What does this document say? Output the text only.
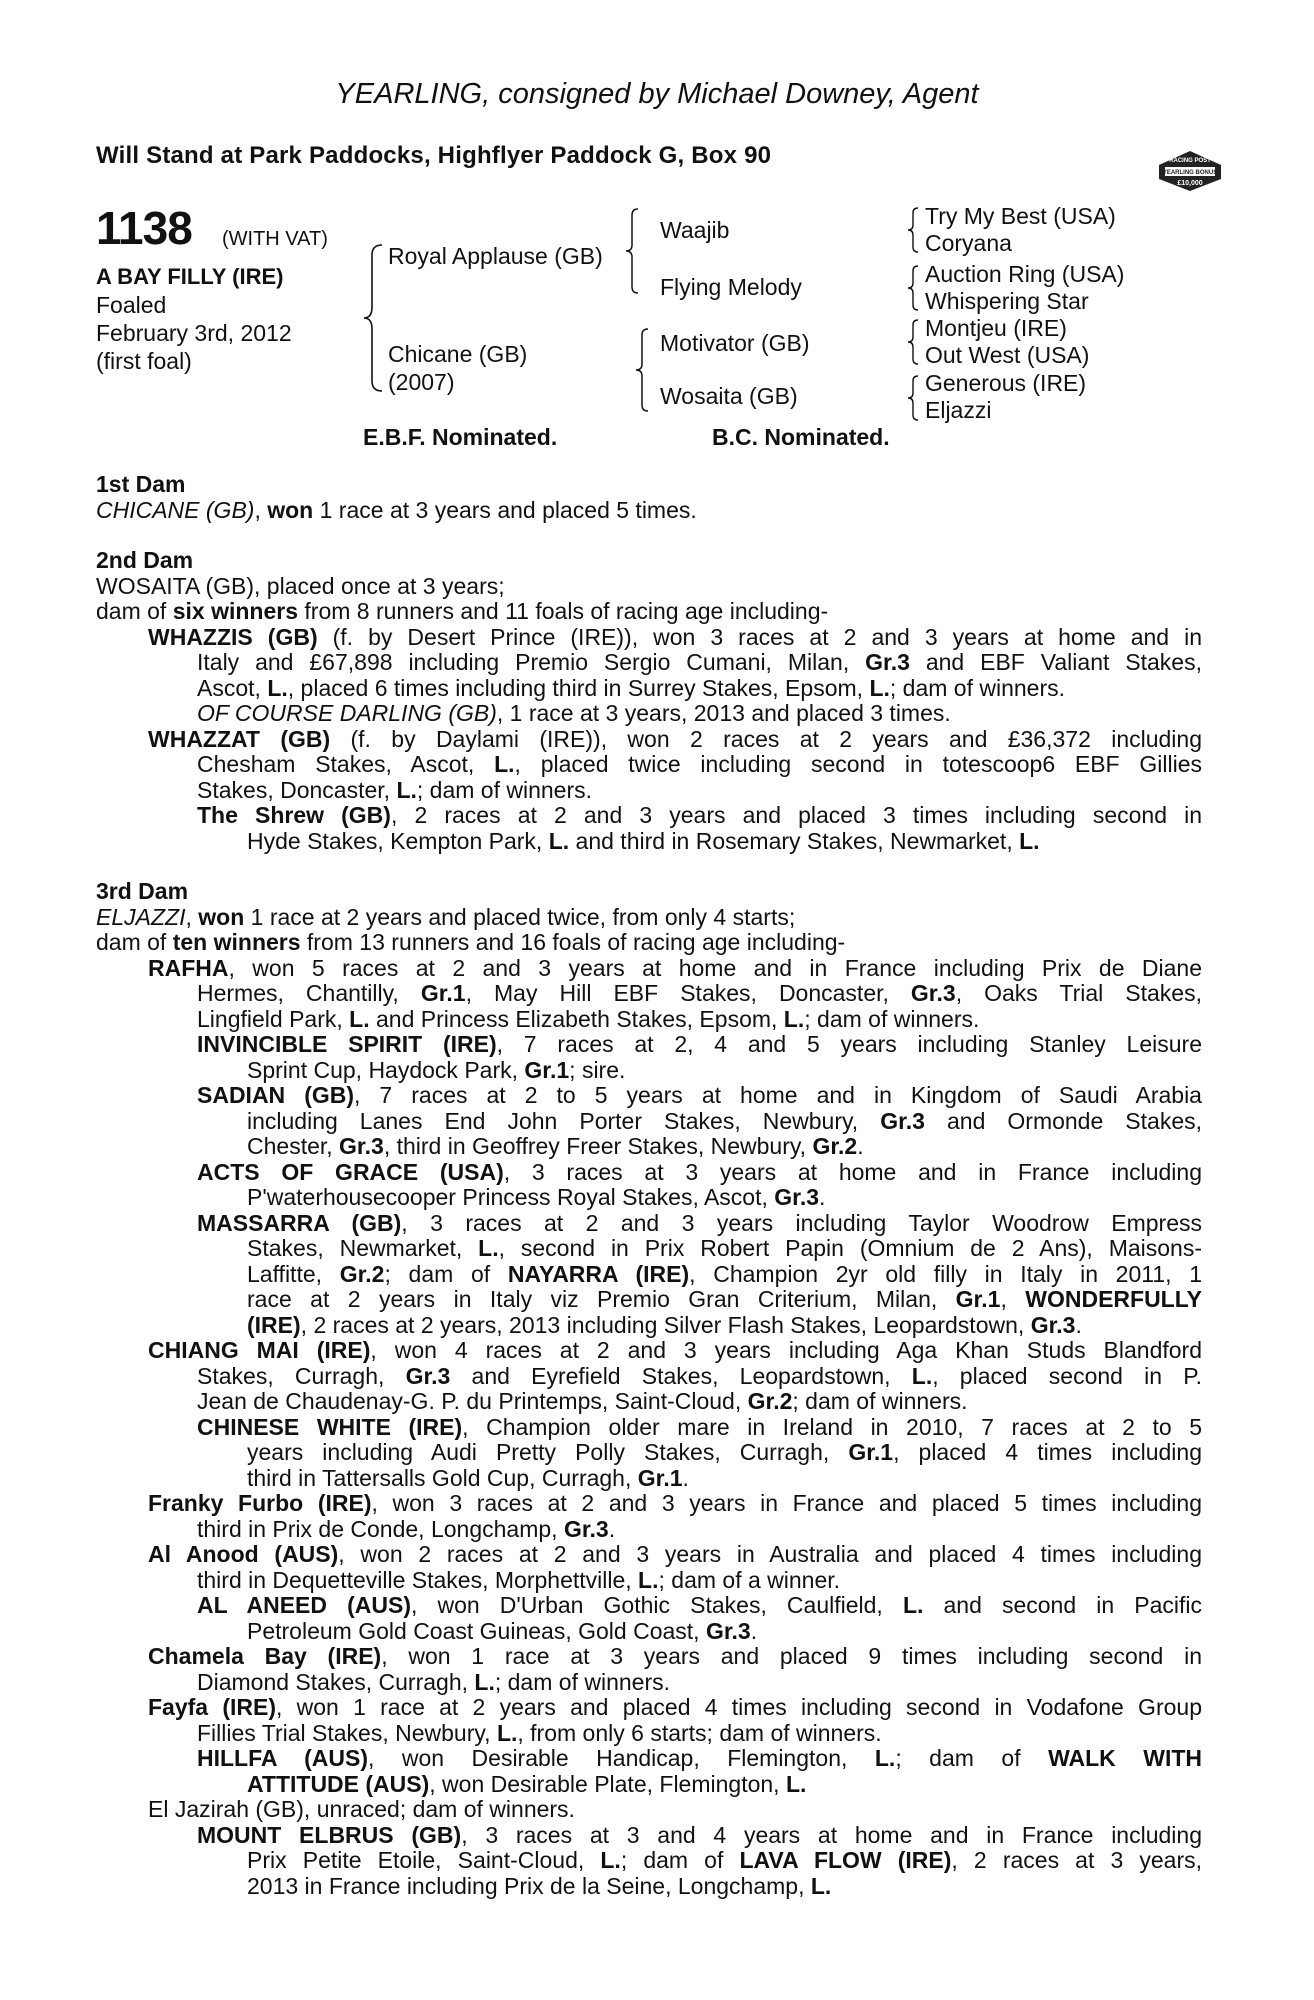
YEARLING, consigned by Michael Downey, Agent
Will Stand at Park Paddocks, Highflyer Paddock G, Box 90	RACING POST
YEARLING BONUS
£10,000
1138 (WITH VAT)
A BAY FILLY (IRE)
Foaled
February 3rd, 2012
(first foal)
Royal Applause (GB)
Chicane (GB)
(2007)
Waajib
Flying Melody
Motivator (GB)
Wosaita (GB)
Try My Best (USA)
Coryana
Auction Ring (USA)
Whispering Star
Montjeu (IRE)
Out West (USA)
Generous (IRE)
Eljazzi
E.B.F. Nominated.	B.C. Nominated.
1st Dam
CHICANE (GB), won 1 race at 3 years and placed 5 times.
2nd Dam
WOSAITA (GB), placed once at 3 years;
dam of six winners from 8 runners and 11 foals of racing age including-
WHAZZIS (GB) (f. by Desert Prince (IRE)), won 3 races at 2 and 3 years at home and in
Italy and £67,898 including Premio Sergio Cumani, Milan, Gr.3 and EBF Valiant Stakes,
Ascot, L., placed 6 times including third in Surrey Stakes, Epsom, L.; dam of winners.
OF COURSE DARLING (GB), 1 race at 3 years, 2013 and placed 3 times.
WHAZZAT (GB) (f. by Daylami (IRE)), won 2 races at 2 years and £36,372 including
Chesham Stakes, Ascot, L., placed twice including second in totescoop6 EBF Gillies
Stakes, Doncaster, L.; dam of winners.
The Shrew (GB), 2 races at 2 and 3 years and placed 3 times including second in
Hyde Stakes, Kempton Park, L. and third in Rosemary Stakes, Newmarket, L.
3rd Dam
ELJAZZI, won 1 race at 2 years and placed twice, from only 4 starts;
dam of ten winners from 13 runners and 16 foals of racing age including-
RAFHA, won 5 races at 2 and 3 years at home and in France including Prix de Diane
Hermes, Chantilly, Gr.1, May Hill EBF Stakes, Doncaster, Gr.3, Oaks Trial Stakes,
Lingfield Park, L. and Princess Elizabeth Stakes, Epsom, L.; dam of winners.
INVINCIBLE SPIRIT (IRE), 7 races at 2, 4 and 5 years including Stanley Leisure
Sprint Cup, Haydock Park, Gr.1; sire.
SADIAN (GB), 7 races at 2 to 5 years at home and in Kingdom of Saudi Arabia
including Lanes End John Porter Stakes, Newbury, Gr.3 and Ormonde Stakes,
Chester, Gr.3, third in Geoffrey Freer Stakes, Newbury, Gr.2.
ACTS OF GRACE (USA), 3 races at 3 years at home and in France including
P'waterhousecooper Princess Royal Stakes, Ascot, Gr.3.
MASSARRA (GB), 3 races at 2 and 3 years including Taylor Woodrow Empress
Stakes, Newmarket, L., second in Prix Robert Papin (Omnium de 2 Ans), Maisons-
Laffitte, Gr.2; dam of NAYARRA (IRE), Champion 2yr old filly in Italy in 2011, 1
race at 2 years in Italy viz Premio Gran Criterium, Milan, Gr.1, WONDERFULLY
(IRE), 2 races at 2 years, 2013 including Silver Flash Stakes, Leopardstown, Gr.3.
CHIANG MAI (IRE), won 4 races at 2 and 3 years including Aga Khan Studs Blandford
Stakes, Curragh, Gr.3 and Eyrefield Stakes, Leopardstown, L., placed second in P.
Jean de Chaudenay-G. P. du Printemps, Saint-Cloud, Gr.2; dam of winners.
CHINESE WHITE (IRE), Champion older mare in Ireland in 2010, 7 races at 2 to 5
years including Audi Pretty Polly Stakes, Curragh, Gr.1, placed 4 times including
third in Tattersalls Gold Cup, Curragh, Gr.1.
Franky Furbo (IRE), won 3 races at 2 and 3 years in France and placed 5 times including
third in Prix de Conde, Longchamp, Gr.3.
Al Anood (AUS), won 2 races at 2 and 3 years in Australia and placed 4 times including
third in Dequetteville Stakes, Morphettville, L.; dam of a winner.
AL ANEED (AUS), won D'Urban Gothic Stakes, Caulfield, L. and second in Pacific
Petroleum Gold Coast Guineas, Gold Coast, Gr.3.
Chamela Bay (IRE), won 1 race at 3 years and placed 9 times including second in
Diamond Stakes, Curragh, L.; dam of winners.
Fayfa (IRE), won 1 race at 2 years and placed 4 times including second in Vodafone Group
Fillies Trial Stakes, Newbury, L., from only 6 starts; dam of winners.
HILLFA (AUS), won Desirable Handicap, Flemington, L.; dam of WALK WITH
ATTITUDE (AUS), won Desirable Plate, Flemington, L.
El Jazirah (GB), unraced; dam of winners.
MOUNT ELBRUS (GB), 3 races at 3 and 4 years at home and in France including
Prix Petite Etoile, Saint-Cloud, L.; dam of LAVA FLOW (IRE), 2 races at 3 years,
2013 in France including Prix de la Seine, Longchamp, L.
